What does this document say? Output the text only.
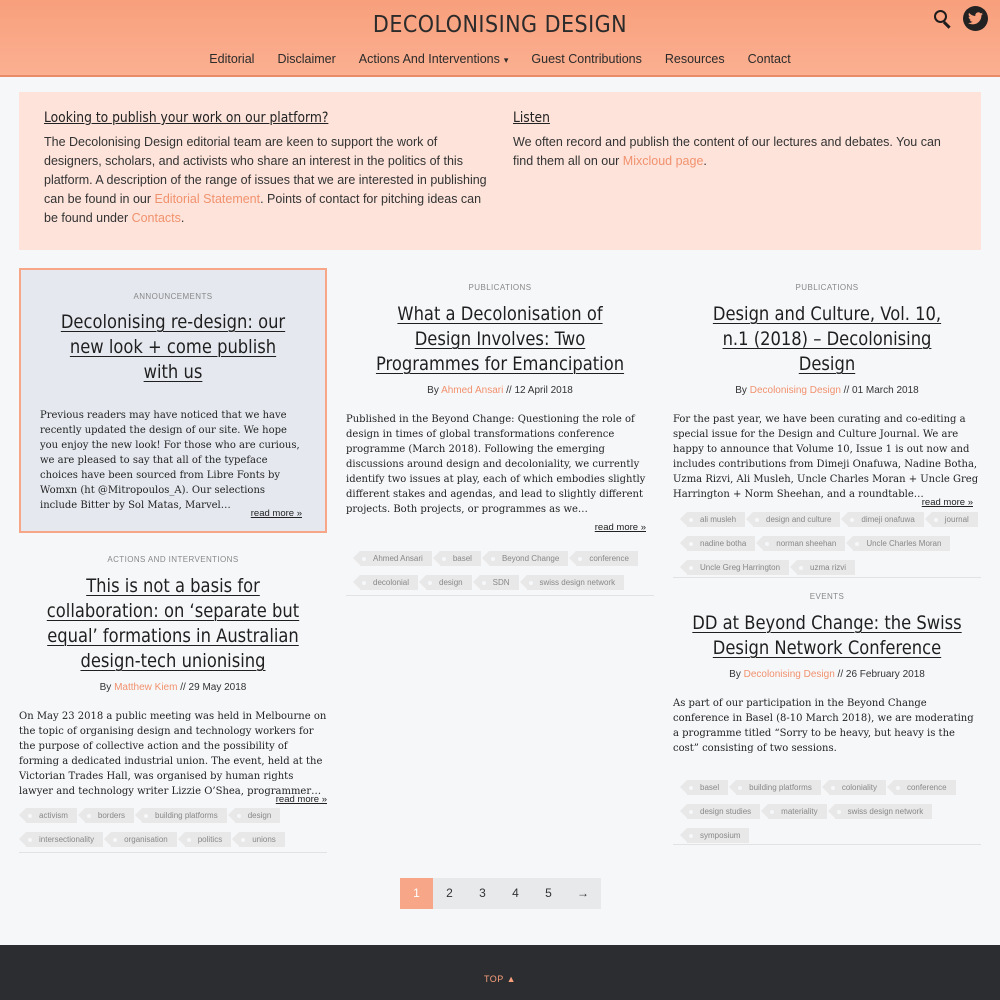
DECOLONISING DESIGN
Editorial	Disclaimer	Actions And Interventions ▾	Guest Contributions	Resources	Contact
Looking to publish your work on our platform?

The Decolonising Design editorial team are keen to support the work of designers, scholars, and activists who share an interest in the politics of this platform. A description of the range of issues that we are interested in publishing can be found in our Editorial Statement. Points of contact for pitching ideas can be found under Contacts.

Listen

We often record and publish the content of our lectures and debates. You can find them all on our Mixcloud page.

ANNOUNCEMENTS
Decolonising re-design: our new look + come publish with us

Previous readers may have noticed that we have recently updated the design of our site. We hope you enjoy the new look! For those who are curious, we are pleased to say that all of the typeface choices have been sourced from Libre Fonts by Womxn (ht @Mitropoulos_A). Our selections include Bitter by Sol Matas, Marvel…

read more »
ACTIONS AND INTERVENTIONS
This is not a basis for collaboration: on ‘separate but equal’ formations in Australian design-tech unionising
By Matthew Kiem // 29 May 2018

On May 23 2018 a public meeting was held in Melbourne on the topic of organising design and technology workers for the purpose of collective action and the possibility of forming a dedicated industrial union. The event, held at the Victorian Trades Hall, was organised by human rights lawyer and technology writer Lizzie O’Shea, programmer…

read more »
activism	borders	building platforms	designintersectionality	organisation	politics	unions
PUBLICATIONS
What a Decolonisation of Design Involves: Two Programmes for Emancipation
By Ahmed Ansari // 12 April 2018

Published in the Beyond Change: Questioning the role of design in times of global transformations conference programme (March 2018). Following the emerging discussions around design and decoloniality, we currently identify two issues at play, each of which embodies slightly different stakes and agendas, and lead to slightly different projects. Both projects, or programmes as we…

read more »
Ahmed Ansari	basel	Beyond Change	conferencedecolonial	design	SDN	swiss design network
PUBLICATIONS
Design and Culture, Vol. 10, n.1 (2018) – Decolonising Design
By Decolonising Design // 01 March 2018

For the past year, we have been curating and co-editing a special issue for the Design and Culture Journal. We are happy to announce that Volume 10, Issue 1 is out now and includes contributions from Dimeji Onafuwa, Nadine Botha, Uzma Rizvi, Ali Musleh, Uncle Charles Moran + Uncle Greg Harrington + Norm Sheehan, and a roundtable…

read more »
ali musleh	design and culture	dimeji onafuwa	journalnadine botha	norman sheehan	Uncle Charles MoranUncle Greg Harrington	uzma rizvi
EVENTS
DD at Beyond Change: the Swiss Design Network Conference
By Decolonising Design // 26 February 2018

As part of our participation in the Beyond Change conference in Basel (8-10 March 2018), we are moderating a programme titled “Sorry to be heavy, but heavy is the cost” consisting of two sessions.

basel	building platforms	coloniality	conferencedesign studies	materiality	swiss design networksymposium
1	2	3	4	5	→
$_{TOP ▲}$
